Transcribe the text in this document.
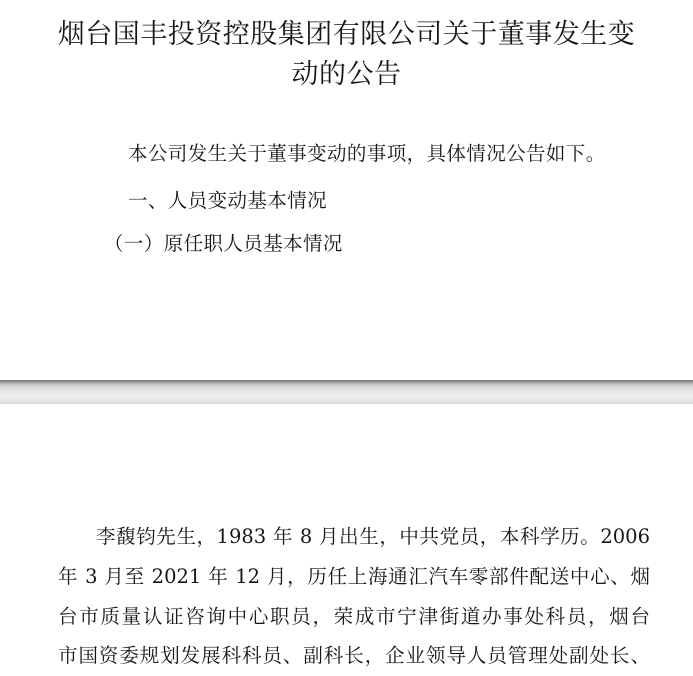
烟台国丰投资控股集团有限公司关于董事发生变
动的公告

本公司发生关于董事变动的事项，具体情况公告如下。

一、人员变动基本情况

（一）原任职人员基本情况

李馥钧先生，1983 年 8 月出生，中共党员，本科学历。2006

年 3 月至 2021 年 12 月，历任上海通汇汽车零部件配送中心、烟

台市质量认证咨询中心职员，荣成市宁津街道办事处科员，烟台

市国资委规划发展科科员、副科长，企业领导人员管理处副处长、
